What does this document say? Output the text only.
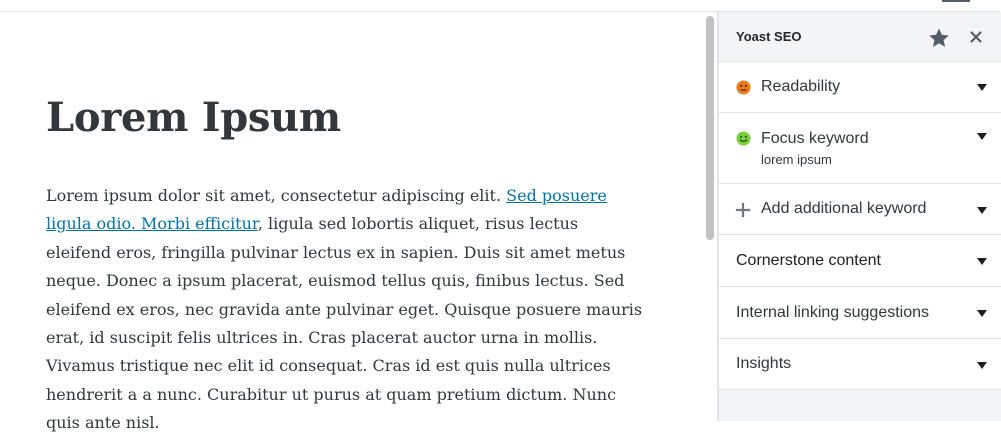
Lorem Ipsum

Lorem ipsum dolor sit amet, consectetur adipiscing elit. Sed posuere ligula odio. Morbi efficitur, ligula sed lobortis aliquet, risus lectus eleifend eros, fringilla pulvinar lectus ex in sapien. Duis sit amet metus neque. Donec a ipsum placerat, euismod tellus quis, finibus lectus. Sed eleifend ex eros, nec gravida ante pulvinar eget. Quisque posuere mauris erat, id suscipit felis ultrices in. Cras placerat auctor urna in mollis. Vivamus tristique nec elit id consequat. Cras id est quis nulla ultrices hendrerit a a nunc. Curabitur ut purus at quam pretium dictum. Nunc quis ante nisl.

Yoast SEO
Readability
Focus keyword
lorem ipsum
Add additional keyword
Cornerstone content
Internal linking suggestions
Insights
